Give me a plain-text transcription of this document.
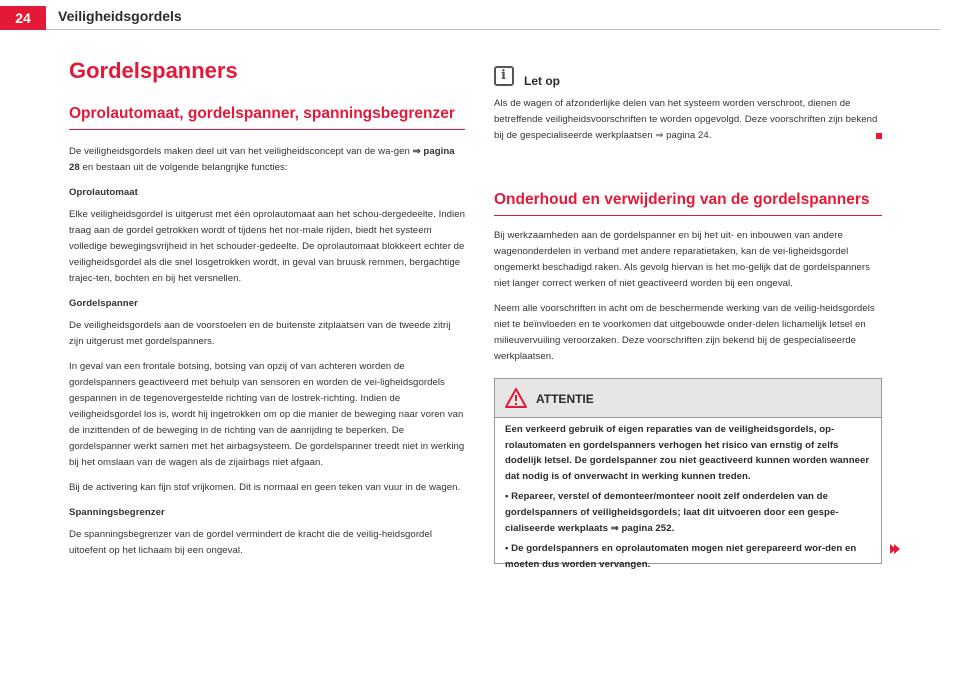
24	Veiligheidsgordels
Gordelspanners
Oprolautomaat, gordelspanner, spanningsbegrenzer

De veiligheidsgordels maken deel uit van het veiligheidsconcept van de wa-gen ⇒ pagina 28 en bestaan uit de volgende belangrijke functies:

Oprolautomaat

Elke veiligheidsgordel is uitgerust met één oprolautomaat aan het schou-dergedeelte. Indien traag aan de gordel getrokken wordt of tijdens het nor-male rijden, biedt het systeem volledige bewegingsvrijheid in het schouder-gedeelte. De oprolautomaat blokkeert echter de veiligheidsgordel als die snel losgetrokken wordt, in geval van bruusk remmen, bergachtige trajec-ten, bochten en bij het versnellen.

Gordelspanner

De veiligheidsgordels aan de voorstoelen en de buitenste zitplaatsen van de tweede zitrij zijn uitgerust met gordelspanners.

In geval van een frontale botsing, botsing van opzij of van achteren worden de gordelspanners geactiveerd met behulp van sensoren en worden de vei-ligheidsgordels gespannen in de tegenovergestelde richting van de lostrek-richting. Indien de veiligheidsgordel los is, wordt hij ingetrokken om op die manier de beweging naar voren van de inzittenden of de beweging in de richting van de aanrijding te beperken. De gordelspanner werkt samen met het airbagsysteem. De gordelspanner treedt niet in werking bij het omslaan van de wagen als de zijairbags niet afgaan.

Bij de activering kan fijn stof vrijkomen. Dit is normaal en geen teken van vuur in de wagen.

Spanningsbegrenzer

De spanningsbegrenzer van de gordel vermindert de kracht die de veilig-heidsgordel uitoefent op het lichaam bij een ongeval.

i Let op

Als de wagen of afzonderlijke delen van het systeem worden verschroot, dienen de betreffende veiligheidsvoorschriften te worden opgevolgd. Deze voorschriften zijn bekend bij de gespecialiseerde werkplaatsen ⇒ pagina 24.

Onderhoud en verwijdering van de gordelspanners

Bij werkzaamheden aan de gordelspanner en bij het uit- en inbouwen van andere wagenonderdelen in verband met andere reparatietaken, kan de vei-ligheidsgordel ongemerkt beschadigd raken. Als gevolg hiervan is het mo-gelijk dat de gordelspanners niet langer correct werken of niet geactiveerd worden bij een ongeval.

Neem alle voorschriften in acht om de beschermende werking van de veilig-heidsgordels niet te beïnvloeden en te voorkomen dat uitgebouwde onder-delen lichamelijk letsel en milieuvervuiling veroorzaken. Deze voorschriften zijn bekend bij de gespecialiseerde werkplaatsen.

ATTENTIE

Een verkeerd gebruik of eigen reparaties van de veiligheidsgordels, op-rolautomaten en gordelspanners verhogen het risico van ernstig of zelfs dodelijk letsel. De gordelspanner zou niet geactiveerd kunnen worden wanneer dat nodig is of onverwacht in werking kunnen treden.

• Repareer, verstel of demonteer/monteer nooit zelf onderdelen van de gordelspanners of veiligheidsgordels; laat dit uitvoeren door een gespe-cialiseerde werkplaats ⇒ pagina 252.

• De gordelspanners en oprolautomaten mogen niet gerepareerd wor-den en moeten dus worden vervangen.
